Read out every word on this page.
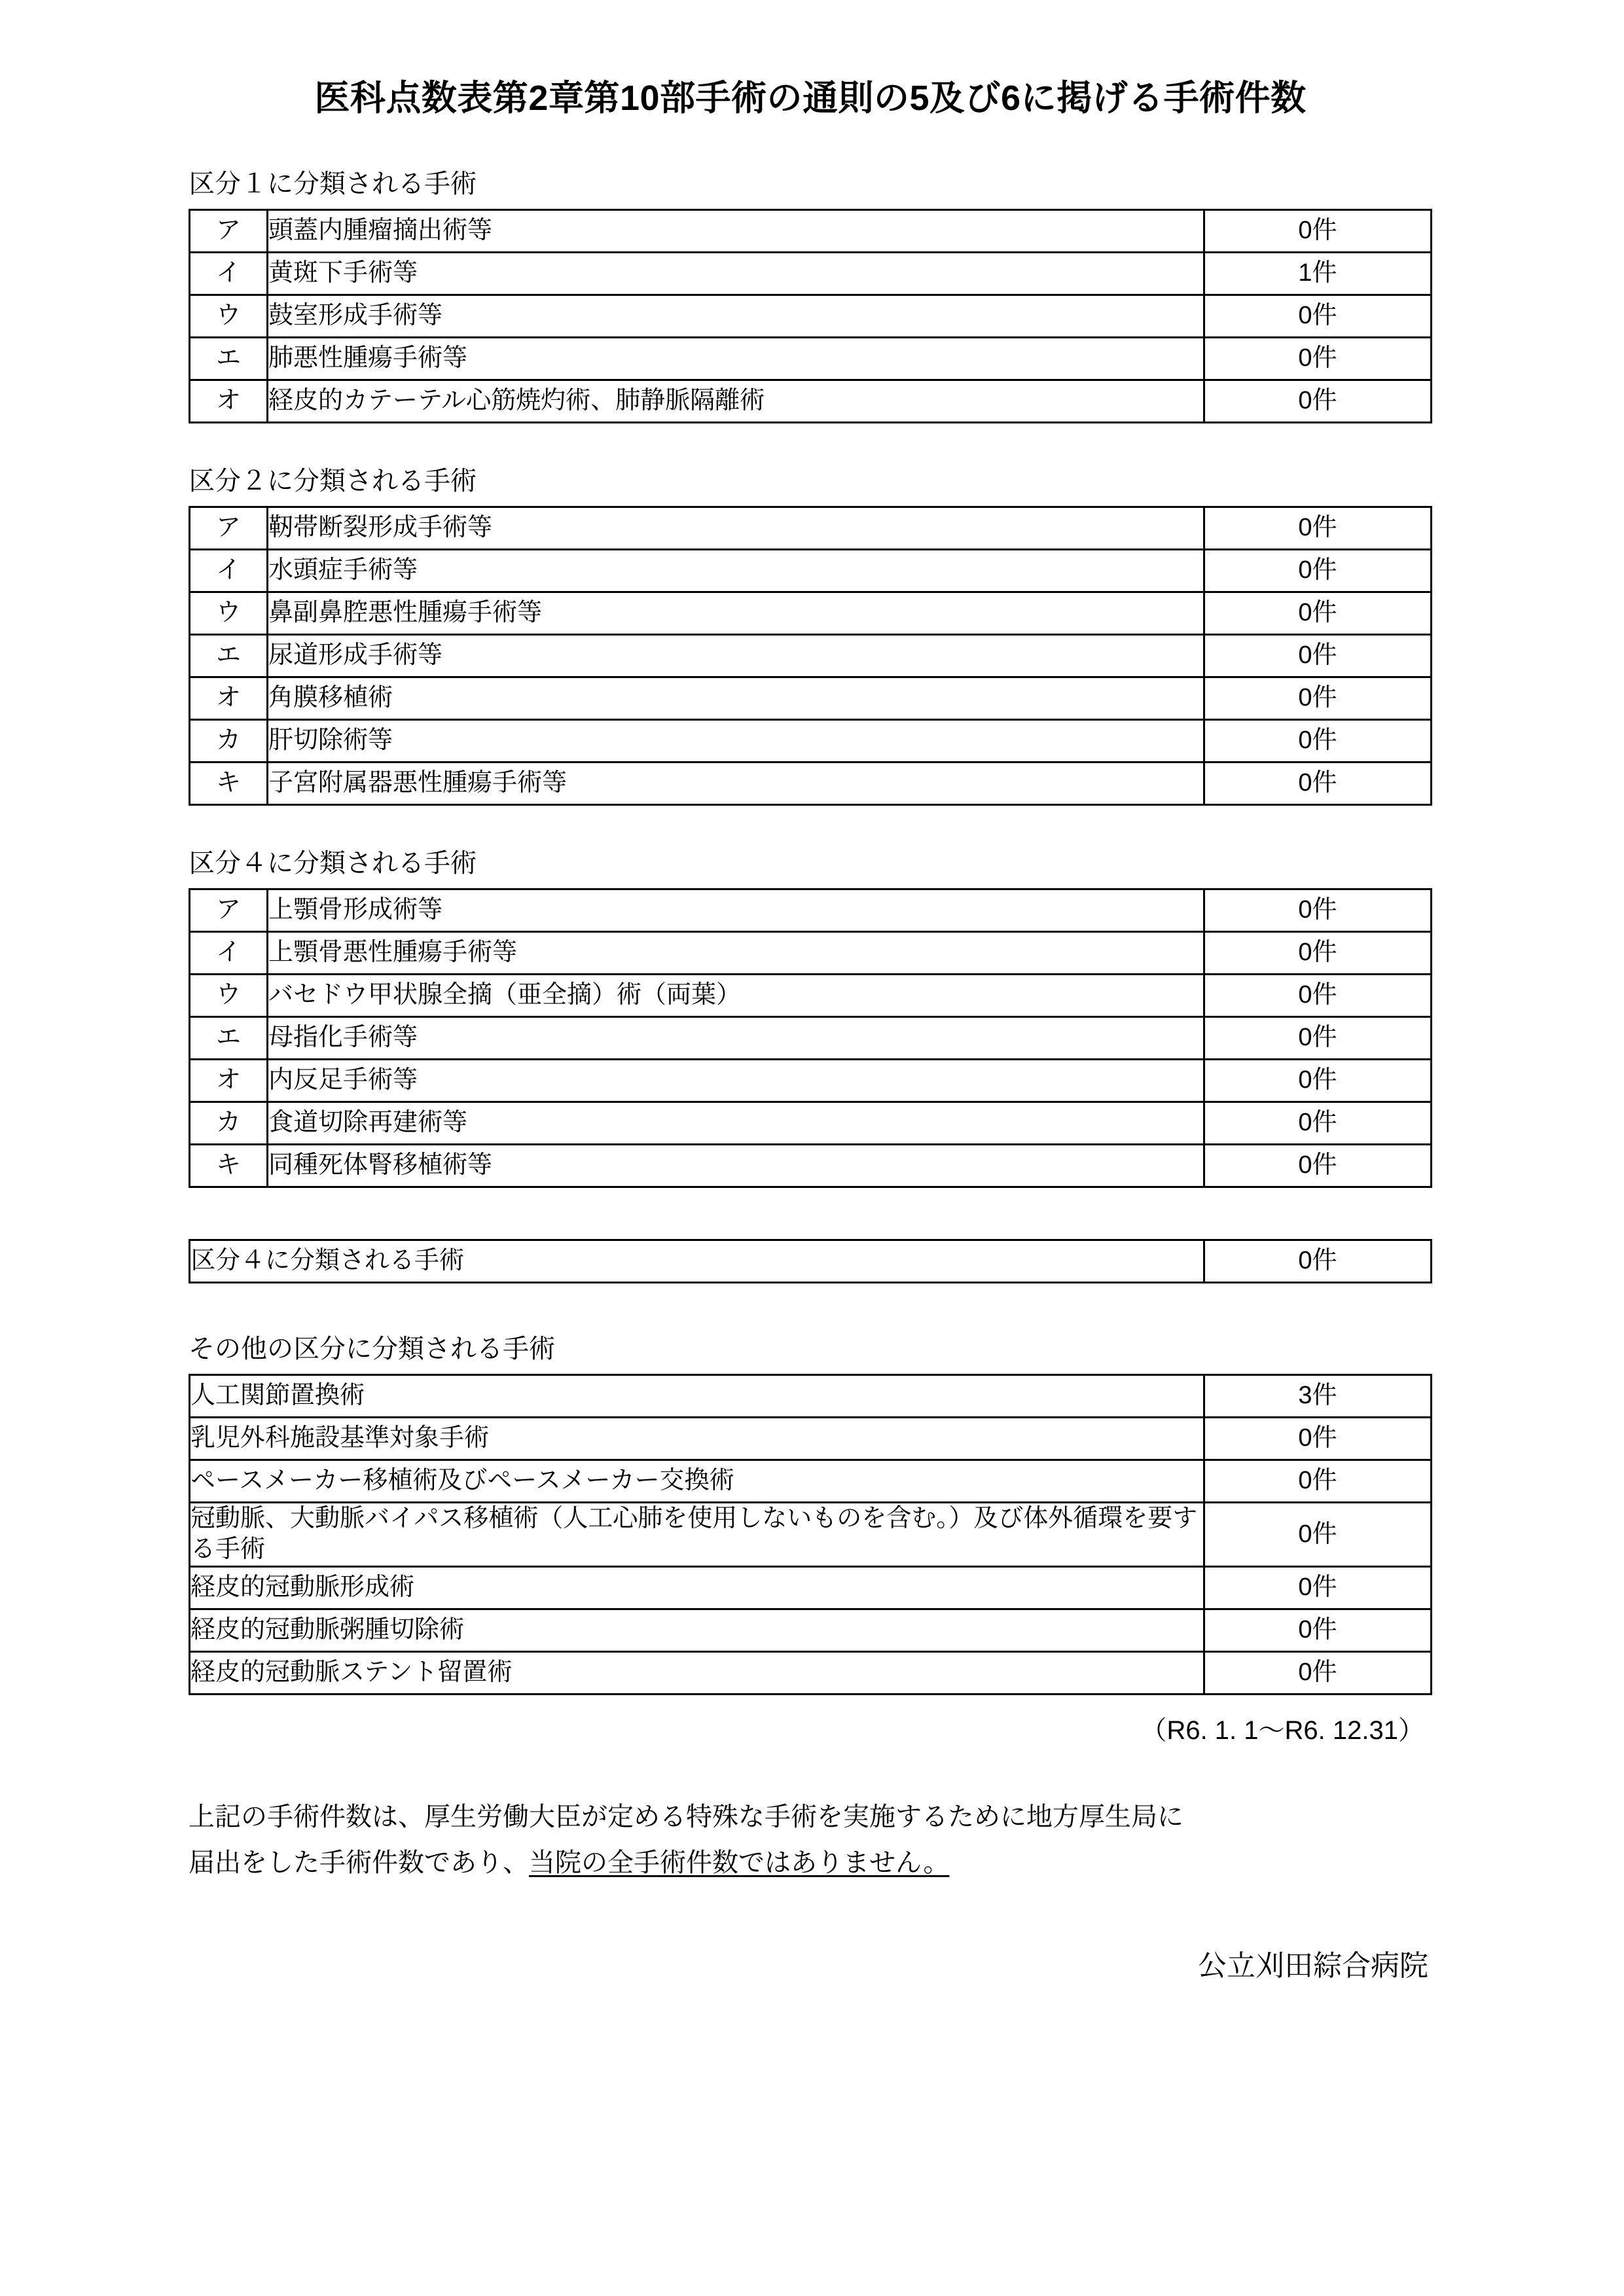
医科点数表第2章第10部手術の通則の5及び6に掲げる手術件数
区分１に分類される手術
ア	頭蓋内腫瘤摘出術等	0件
イ	黄斑下手術等	1件
ウ	鼓室形成手術等	0件
エ	肺悪性腫瘍手術等	0件
オ	経皮的カテーテル心筋焼灼術、肺静脈隔離術	0件
区分２に分類される手術
ア	靭帯断裂形成手術等	0件
イ	水頭症手術等	0件
ウ	鼻副鼻腔悪性腫瘍手術等	0件
エ	尿道形成手術等	0件
オ	角膜移植術	0件
カ	肝切除術等	0件
キ	子宮附属器悪性腫瘍手術等	0件
区分４に分類される手術
ア	上顎骨形成術等	0件
イ	上顎骨悪性腫瘍手術等	0件
ウ	バセドウ甲状腺全摘（亜全摘）術（両葉）	0件
エ	母指化手術等	0件
オ	内反足手術等	0件
カ	食道切除再建術等	0件
キ	同種死体腎移植術等	0件
区分４に分類される手術	0件
その他の区分に分類される手術
人工関節置換術	3件
乳児外科施設基準対象手術	0件
ペースメーカー移植術及びペースメーカー交換術	0件
冠動脈、大動脈バイパス移植術（人工心肺を使用しないものを含む。）及び体外循環を要する手術	0件
経皮的冠動脈形成術	0件
経皮的冠動脈粥腫切除術	0件
経皮的冠動脈ステント留置術	0件
（R6. 1. 1〜R6. 12.31）
上記の手術件数は、厚生労働大臣が定める特殊な手術を実施するために地方厚生局に
届出をした手術件数であり、当院の全手術件数ではありません。
公立刈田綜合病院
